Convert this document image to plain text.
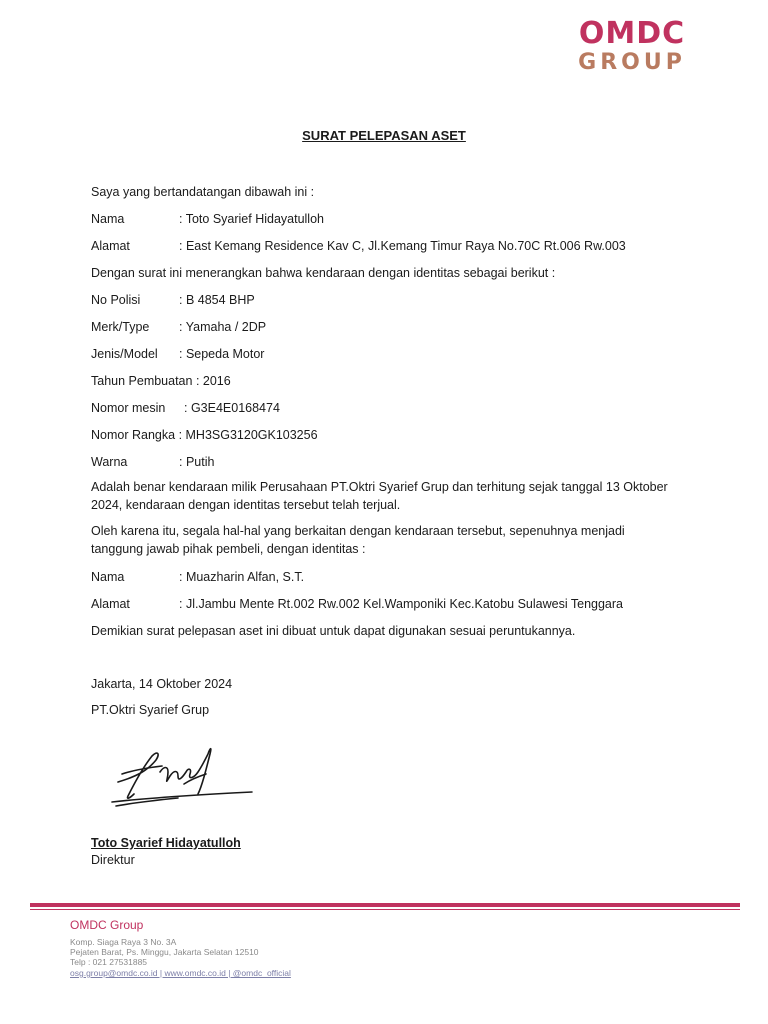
OMDC
GROUP
SURAT PELEPASAN ASET
Saya yang bertandatangan dibawah ini :
Nama	: Toto Syarief Hidayatulloh
Alamat	: East Kemang Residence Kav C, Jl.Kemang Timur Raya No.70C Rt.006 Rw.003
Dengan surat ini menerangkan bahwa kendaraan dengan identitas sebagai berikut :
No Polisi	: B 4854 BHP
Merk/Type : Yamaha / 2DP
Jenis/Model : Sepeda Motor
Tahun Pembuatan : 2016
Nomor mesin : G3E4E0168474
Nomor Rangka : MH3SG3120GK103256
Warna	: Putih
Adalah benar kendaraan milik Perusahaan PT.Oktri Syarief Grup dan terhitung sejak tanggal 13 Oktober 2024, kendaraan dengan identitas tersebut telah terjual.
Oleh karena itu, segala hal-hal yang berkaitan dengan kendaraan tersebut, sepenuhnya menjadi tanggung jawab pihak pembeli, dengan identitas :
Nama	: Muazharin Alfan, S.T.
Alamat	: Jl.Jambu Mente Rt.002 Rw.002 Kel.Wamponiki Kec.Katobu Sulawesi Tenggara
Demikian surat pelepasan aset ini dibuat untuk dapat digunakan sesuai peruntukannya.
Jakarta, 14 Oktober 2024
PT.Oktri Syarief Grup
Toto Syarief Hidayatulloh
Direktur
OMDC Group
Komp. Siaga Raya 3 No. 3A
Pejaten Barat, Ps. Minggu, Jakarta Selatan 12510
Telp : 021 27531885
osg.group@omdc.co.id | www.omdc.co.id | @omdc_official
